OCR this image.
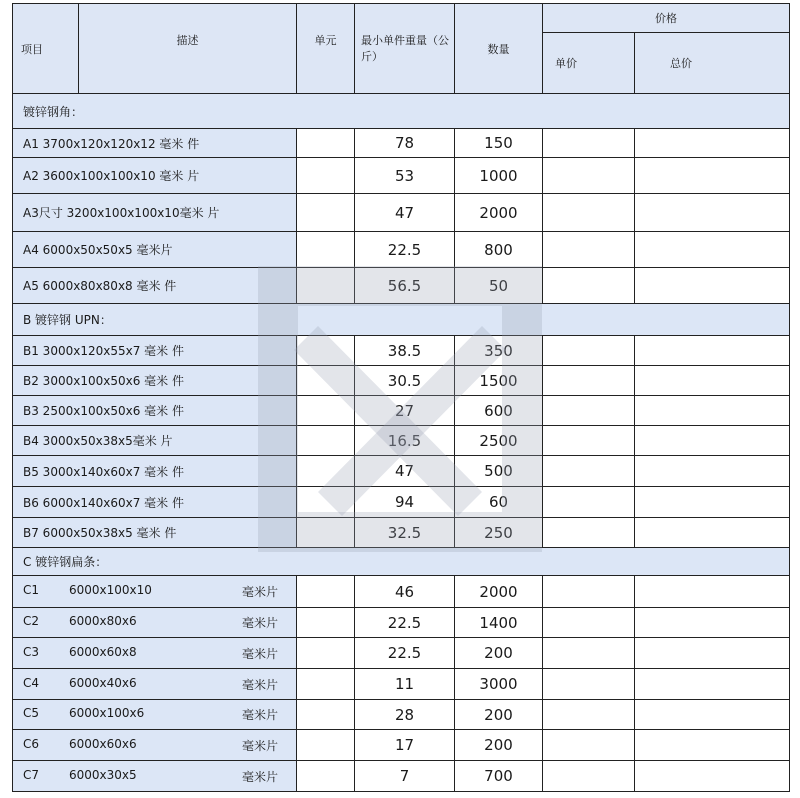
项目	描述	单元	最小单件重量（公斤）	数量	价格	
					单价	总价
镀锌钢角：						
A1 3700x120x120x12 毫米 件			78	150		
A2 3600x100x100x10 毫米 片			53	1000		
A3尺寸 3200x100x100x10毫米 片			47	2000		
A4 6000x50x50x5 毫米片			22.5	800		
A5 6000x80x80x8 毫米 件			56.5	50		
B 镀锌钢 UPN：						
B1 3000x120x55x7 毫米 件			38.5	350		
B2 3000x100x50x6 毫米 件			30.5	1500		
B3 2500x100x50x6 毫米 件			27	600		
B4 3000x50x38x5毫米 片			16.5	2500		
B5 3000x140x60x7 毫米 件			47	500		
B6 6000x140x60x7 毫米 件			94	60		
B7 6000x50x38x5 毫米 件			32.5	250		
C 镀锌钢扁条：						
C1 6000x100x10 毫米片			46	2000		
C2 6000x80x6 毫米片			22.5	1400		
C3 6000x60x8 毫米片			22.5	200		
C4 6000x40x6 毫米片			11	3000		
C5 6000x100x6 毫米片			28	200		
C6 6000x60x6 毫米片			17	200		
C7 6000x30x5 毫米片			7	700		
